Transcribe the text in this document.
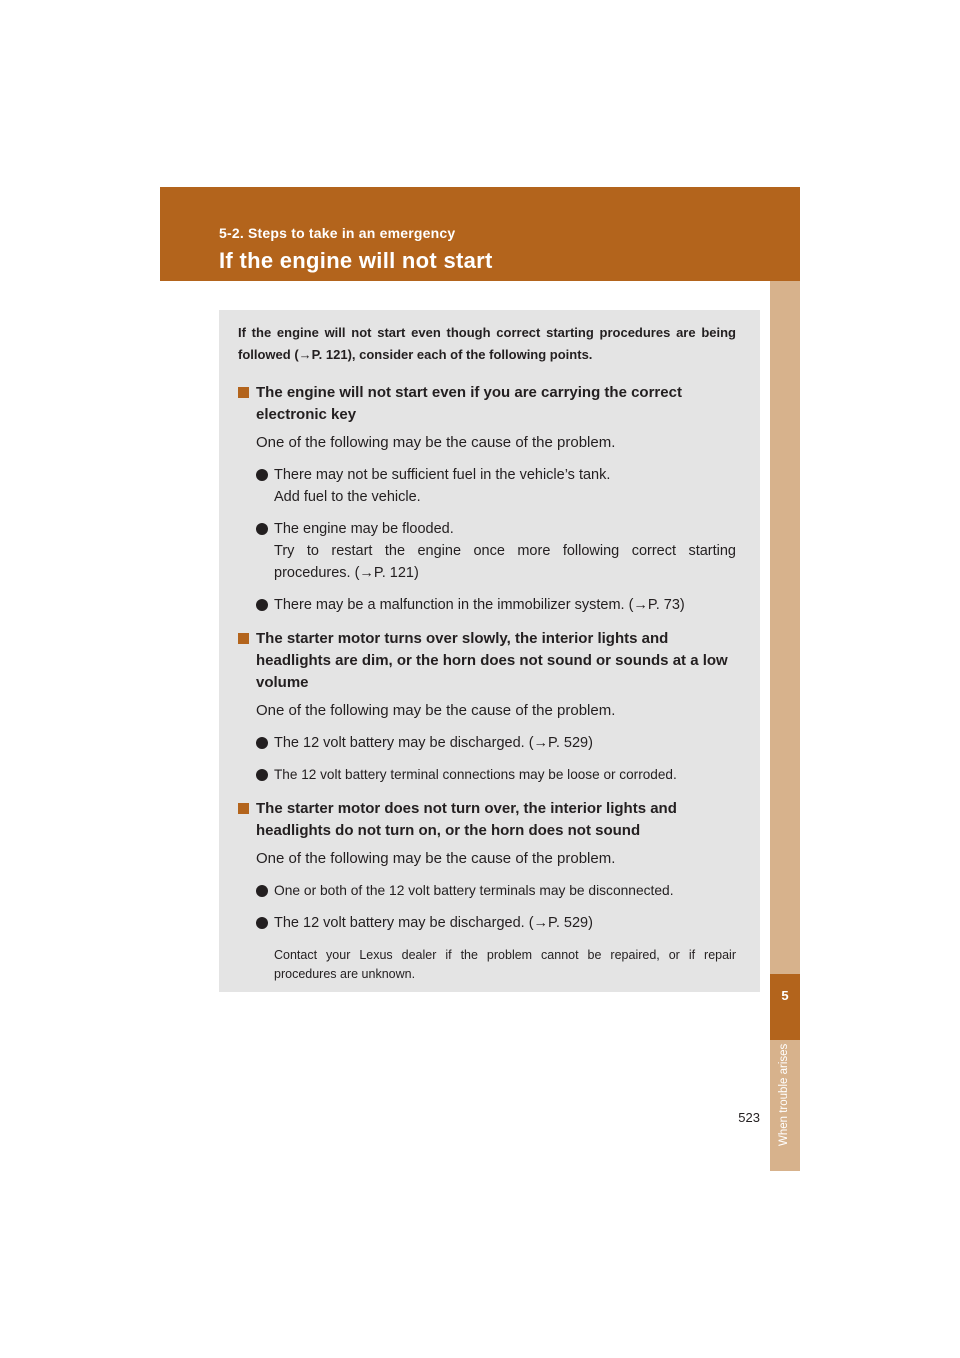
5-2. Steps to take in an emergency
If the engine will not start
5
When trouble arises

If the engine will not start even though correct starting procedures are being followed (→P. 121), consider each of the following points.

The engine will not start even if you are carrying the correct electronic key
One of the following may be the cause of the problem.
There may not be sufficient fuel in the vehicle’s tank.
Add fuel to the vehicle.
The engine may be flooded.
Try to restart the engine once more following correct starting procedures. (→P. 121)
There may be a malfunction in the immobilizer system. (→P. 73)
The starter motor turns over slowly, the interior lights and headlights are dim, or the horn does not sound or sounds at a low volume
One of the following may be the cause of the problem.
The 12 volt battery may be discharged. (→P. 529)
The 12 volt battery terminal connections may be loose or corroded.
The starter motor does not turn over, the interior lights and headlights do not turn on, or the horn does not sound
One of the following may be the cause of the problem.
One or both of the 12 volt battery terminals may be disconnected.
The 12 volt battery may be discharged. (→P. 529)

Contact your Lexus dealer if the problem cannot be repaired, or if repair procedures are unknown.

523
